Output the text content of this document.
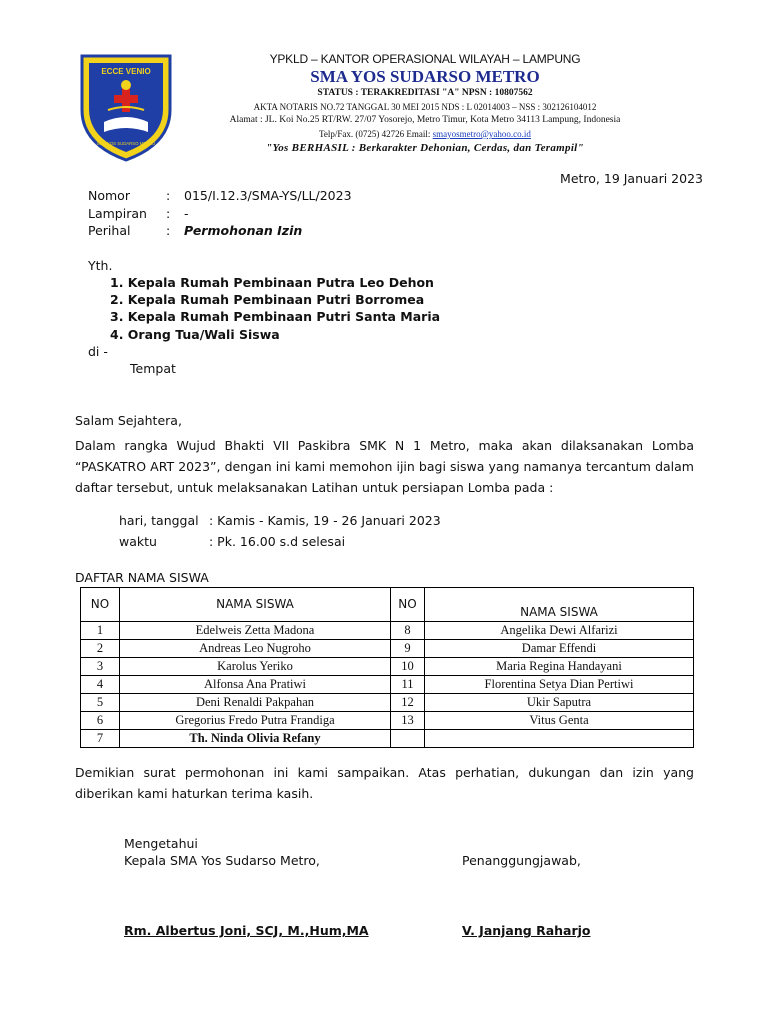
ECCE VENIO
SMA YOS SUDARSO METRO
YPKLD – KANTOR OPERASIONAL WILAYAH – LAMPUNG
SMA YOS SUDARSO METRO
STATUS : TERAKREDITASI "A" NPSN : 10807562
AKTA NOTARIS NO.72 TANGGAL 30 MEI 2015 NDS : L 02014003 – NSS : 302126104012
Alamat : JL. Koi No.25 RT/RW. 27/07 Yosorejo, Metro Timur, Kota Metro 34113 Lampung, Indonesia
Telp/Fax. (0725) 42726 Email: smayosmetro@yahoo.co.id
"Yos BERHASIL : Berkarakter Dehonian, Cerdas, dan Terampil"
Metro, 19 Januari 2023
Nomor	: 015/I.12.3/SMA-YS/LL/2023
Lampiran : -
Perihal	: Permohonan Izin
Yth.
1. Kepala Rumah Pembinaan Putra Leo Dehon
2. Kepala Rumah Pembinaan Putri Borromea
3. Kepala Rumah Pembinaan Putri Santa Maria
4. Orang Tua/Wali Siswa
di -
Tempat
Salam Sejahtera,
Dalam rangka Wujud Bhakti VII Paskibra SMK N 1 Metro, maka akan dilaksanakan Lomba “PASKATRO ART 2023”, dengan ini kami memohon ijin bagi siswa yang namanya tercantum dalam daftar tersebut, untuk melaksanakan Latihan untuk persiapan Lomba pada :
hari, tanggal : Kamis - Kamis, 19 - 26 Januari 2023
waktu	: Pk. 16.00 s.d selesai
DAFTAR NAMA SISWA
NO	NAMA SISWA	NO	NAMA SISWA
1	Edelweis Zetta Madona	8	Angelika Dewi Alfarizi
2	Andreas Leo Nugroho	9	Damar Effendi
3	Karolus Yeriko	10	Maria Regina Handayani
4	Alfonsa Ana Pratiwi	11	Florentina Setya Dian Pertiwi
5	Deni Renaldi Pakpahan	12	Ukir Saputra
6	Gregorius Fredo Putra Frandiga	13	Vitus Genta
7	Th. Ninda Olivia Refany		
Demikian surat permohonan ini kami sampaikan. Atas perhatian, dukungan dan izin yang diberikan kami haturkan terima kasih.
Mengetahui
Kepala SMA Yos Sudarso Metro,	Penanggungjawab,
Rm. Albertus Joni, SCJ, M.,Hum,MA	V. Janjang Raharjo
